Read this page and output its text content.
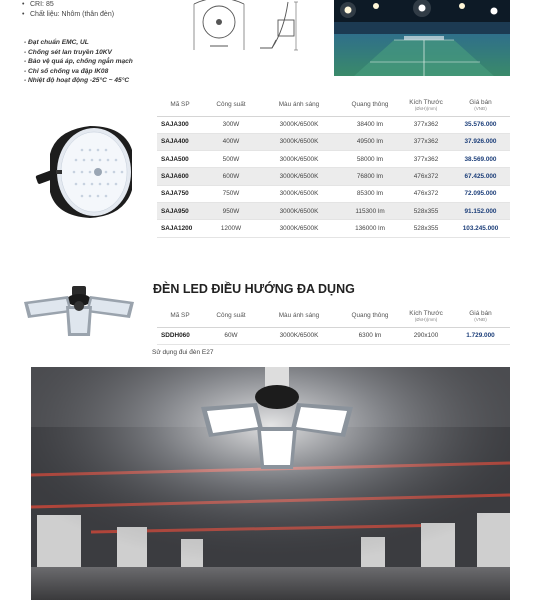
• CRI: 85
• Chất liệu: Nhôm (thân đèn)
- Đạt chuẩn EMC, UL
- Chống sét lan truyền 10KV
- Bảo vệ quá áp, chống ngắn mạch
- Chỉ số chống va đập IK08
- Nhiệt độ hoạt động -25°C ~ 45°C
Mã SP	Công suất	Màu ánh sáng	Quang thông	Kích Thước
(ØxH)(mm)	Giá bán
(VNĐ)

SAJA300	300W	3000K/6500K	38400 lm	377x362	35.576.000
SAJA400	400W	3000K/6500K	49500 lm	377x362	37.926.000
SAJA500	500W	3000K/6500K	58000 lm	377x362	38.569.000
SAJA600	600W	3000K/6500K	76800 lm	476x372	67.425.000
SAJA750	750W	3000K/6500K	85300 lm	476x372	72.095.000
SAJA950	950W	3000K/6500K	115300 lm	528x355	91.152.000
SAJA1200	1200W	3000K/6500K	136000 lm	528x355	103.245.000
ĐÈN LED ĐIỀU HƯỚNG ĐA DỤNG
Mã SP	Công suất	Màu ánh sáng	Quang thông	Kích Thước
(ØxH)(mm)	Giá bán
(VNĐ)

SDDH060	60W	3000K/6500K	6300 lm	290x100	1.729.000
Sử dụng đui đèn E27
